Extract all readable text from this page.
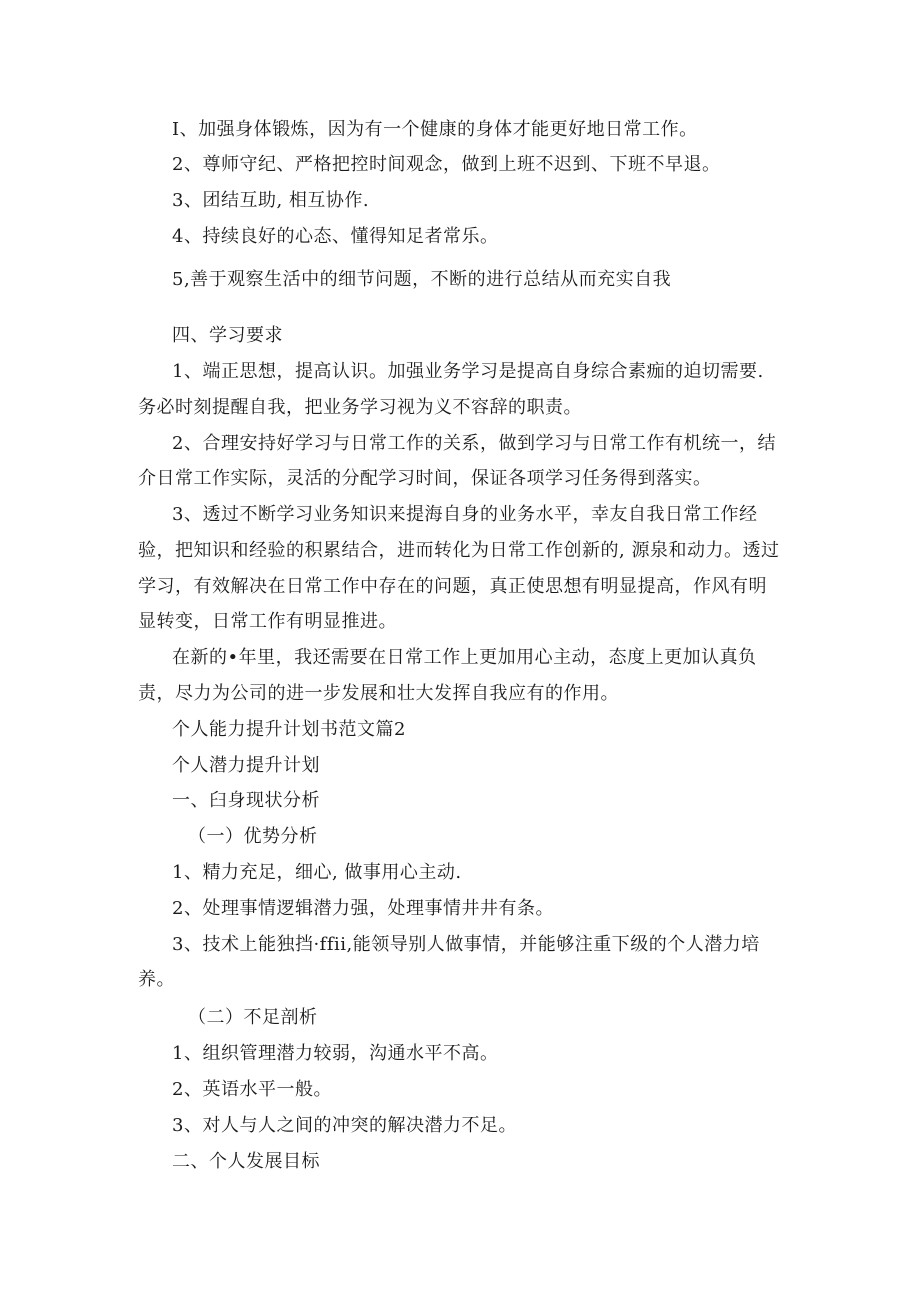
I、加强身体锻炼，因为有一个健康的身体才能更好地日常工作。
2、尊师守纪、严格把控时间观念，做到上班不迟到、下班不早退。
3、团结互助, 相互协作.
4、持续良好的心态、懂得知足者常乐。
5,善于观察生活中的细节问题，不断的进行总结从而充实自我
四、学习要求
1、端正思想，提高认识。加强业务学习是提高自身综合素痂的迫切需要.
务必时刻提醒自我，把业务学习视为义不容辞的职责。
2、合理安持好学习与日常工作的关系，做到学习与日常工作有机统一，结
介日常工作实际，灵活的分配学习时间，保证各项学习任务得到落实。
3、透过不断学习业务知识来提海自身的业务水平，幸友自我日常工作经
验，把知识和经验的积累结合，进而转化为日常工作创新的, 源泉和动力。透过
学习，有效解决在日常工作中存在的问题，真正使思想有明显提高，作风有明
显转变，日常工作有明显推进。
在新的•年里，我还需要在日常工作上更加用心主动，态度上更加认真负
责，尽力为公司的进一步发展和壮大发挥自我应有的作用。
个人能力提升计划书范文篇2
个人潜力提升计划
一、臼身现状分析
（一）优势分析
1、精力充足，细心, 做事用心主动.
2、处理事情逻辑潜力强，处理事情井井有条。
3、技术上能独挡·ffii,能领导别人做事情，并能够注重下级的个人潜力培
养。
（二）不足剖析
1、组织管理潜力较弱，沟通水平不高。
2、英语水平一般。
3、对人与人之间的冲突的解决潜力不足。
二、个人发展目标
